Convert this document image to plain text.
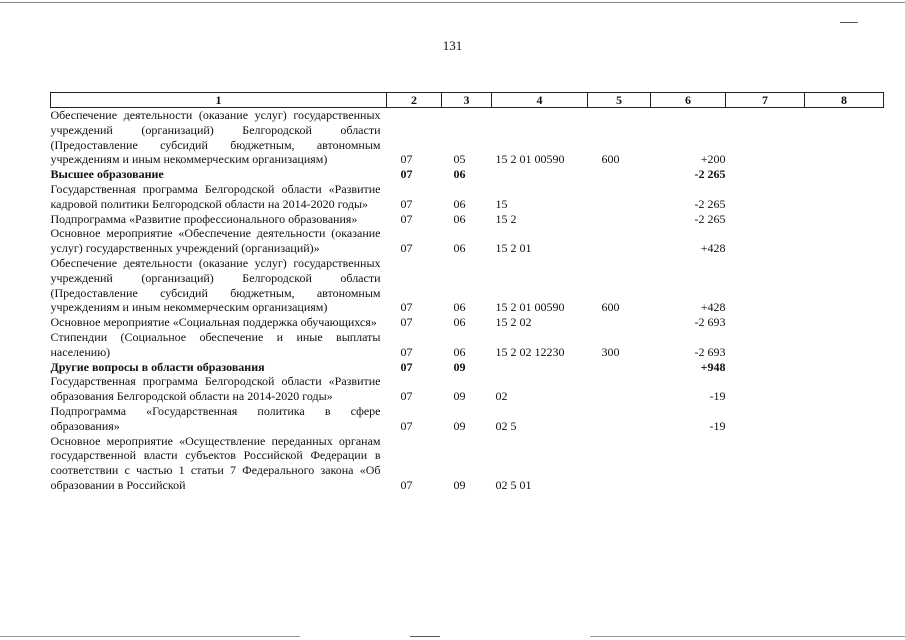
131
1	2	3	4	5	6	7	8
Обеспечение деятельности (оказание услуг) государственных учреждений (организаций) Белгородской области (Предоставление субсидий бюджетным, автономным учреждениям и иным некоммерческим организациям)	07	05	15 2 01 00590	600	+200		
Высшее образование	07	06			-2 265		
Государственная программа Белгородской области «Развитие кадровой политики Белгородской области на 2014-2020 годы»	07	06	15		-2 265		
Подпрограмма «Развитие профессионального образования»	07	06	15 2		-2 265		
Основное мероприятие «Обеспечение деятельности (оказание услуг) государственных учреждений (организаций)»	07	06	15 2 01		+428		
Обеспечение деятельности (оказание услуг) государственных учреждений (организаций) Белгородской области (Предоставление субсидий бюджетным, автономным учреждениям и иным некоммерческим организациям)	07	06	15 2 01 00590	600	+428		
Основное мероприятие «Социальная поддержка обучающихся»	07	06	15 2 02		-2 693		
Стипендии (Социальное обеспечение и иные выплаты населению)	07	06	15 2 02 12230	300	-2 693		
Другие вопросы в области образования	07	09			+948		
Государственная программа Белгородской области «Развитие образования Белгородской области на 2014-2020 годы»	07	09	02		-19		
Подпрограмма «Государственная политика в сфере образования»	07	09	02 5		-19		
Основное мероприятие «Осуществление переданных органам государственной власти субъектов Российской Федерации в соответствии с частью 1 статьи 7 Федерального закона «Об образовании в Российской	07	09	02 5 01				
